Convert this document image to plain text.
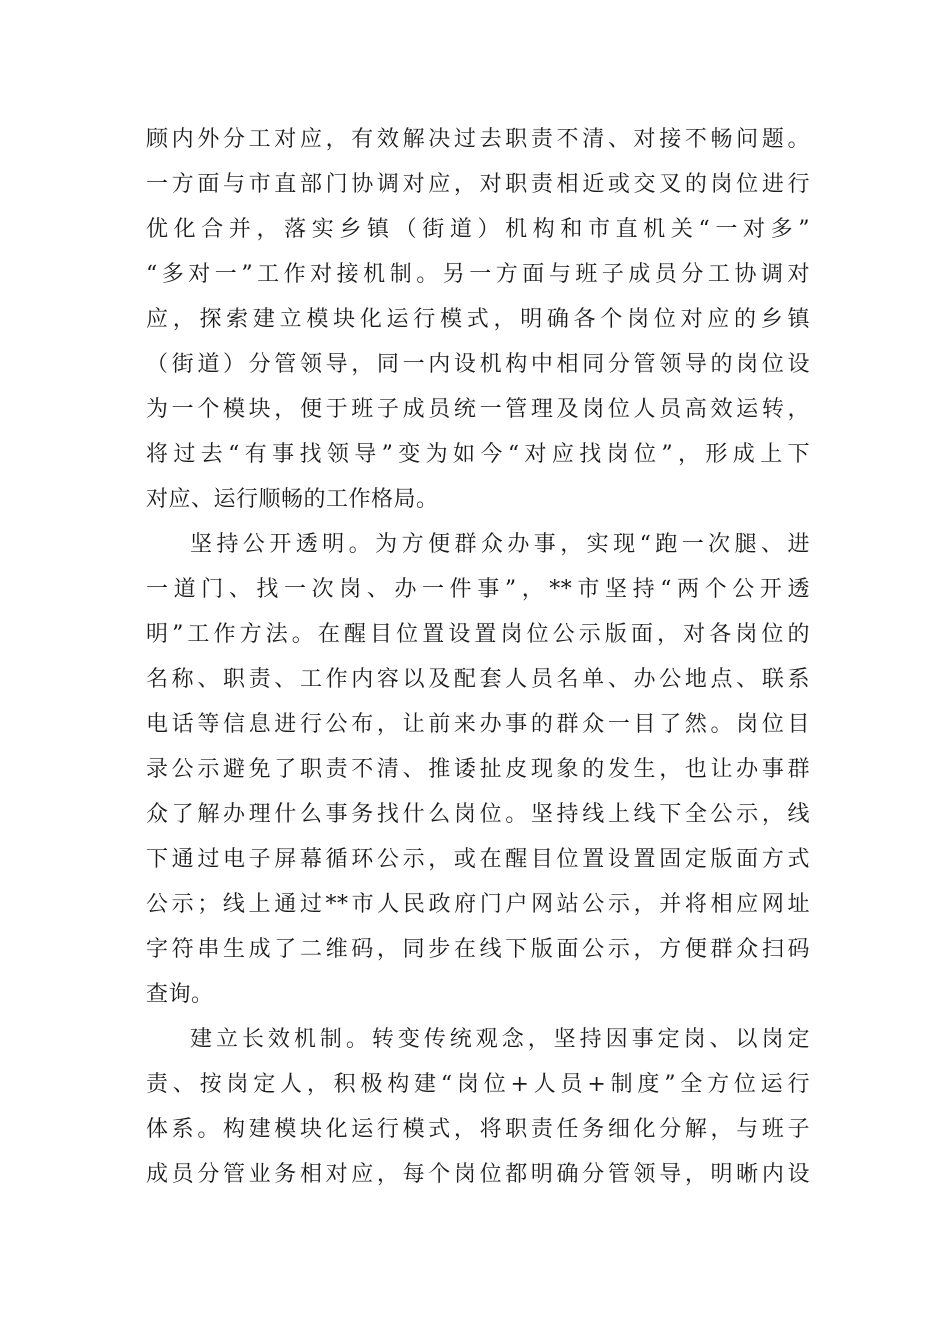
顾内外分工对应，有效解决过去职责不清、对接不畅问题。
一方面与市直部门协调对应，对职责相近或交叉的岗位进行
优化合并，落实乡镇（街道）机构和市直机关“一对多”
“多对一”工作对接机制。另一方面与班子成员分工协调对
应，探索建立模块化运行模式，明确各个岗位对应的乡镇
（街道）分管领导，同一内设机构中相同分管领导的岗位设
为一个模块，便于班子成员统一管理及岗位人员高效运转，
将过去“有事找领导”变为如今“对应找岗位”，形成上下
对应、运行顺畅的工作格局。
坚持公开透明。为方便群众办事，实现“跑一次腿、进
一道门、找一次岗、办一件事”，**市坚持“两个公开透
明”工作方法。在醒目位置设置岗位公示版面，对各岗位的
名称、职责、工作内容以及配套人员名单、办公地点、联系
电话等信息进行公布，让前来办事的群众一目了然。岗位目
录公示避免了职责不清、推诿扯皮现象的发生，也让办事群
众了解办理什么事务找什么岗位。坚持线上线下全公示，线
下通过电子屏幕循环公示，或在醒目位置设置固定版面方式
公示；线上通过**市人民政府门户网站公示，并将相应网址
字符串生成了二维码，同步在线下版面公示，方便群众扫码
查询。
建立长效机制。转变传统观念，坚持因事定岗、以岗定
责、按岗定人，积极构建“岗位+人员+制度”全方位运行
体系。构建模块化运行模式，将职责任务细化分解，与班子
成员分管业务相对应，每个岗位都明确分管领导，明晰内设
